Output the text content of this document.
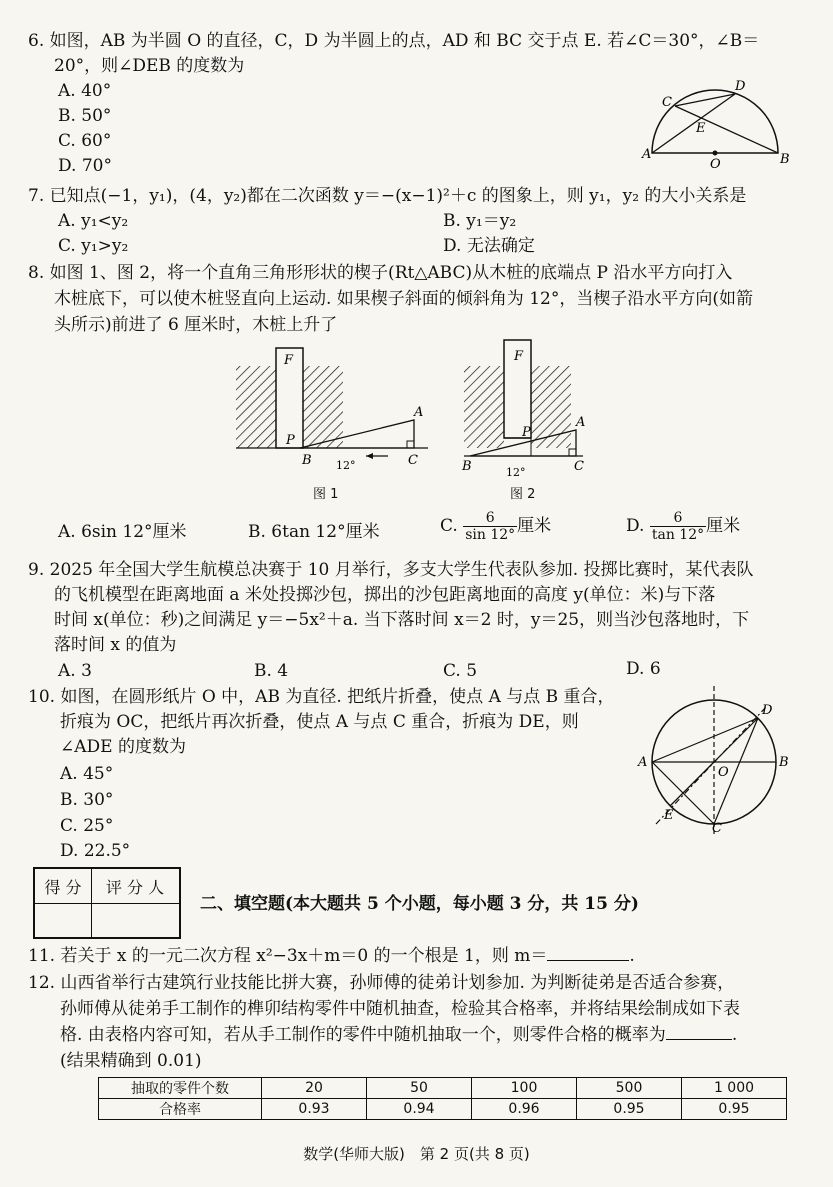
6. 如图，AB 为半圆 O 的直径，C，D 为半圆上的点，AD 和 BC 交于点 E. 若∠C＝30°，∠B＝
20°，则∠DEB 的度数为
A. 40°
B. 50°
C. 60°
D. 70°
A	B
C
D
E
O
7. 已知点(−1，y₁)，(4，y₂)都在二次函数 y＝−(x−1)²＋c 的图象上，则 y₁，y₂ 的大小关系是
A. y₁<y₂	B. y₁＝y₂
C. y₁>y₂	D. 无法确定
8. 如图 1、图 2，将一个直角三角形形状的楔子(Rt△ABC)从木桩的底端点 P 沿水平方向打入
木桩底下，可以使木桩竖直向上运动. 如果楔子斜面的倾斜角为 12°，当楔子沿水平方向(如箭
头所示)前进了 6 厘米时，木桩上升了
F
P
B
A
C
12°
图 1
F
P
B
A
C
12°
图 2
A. 6sin 12°厘米	B. 6tan 12°厘米	C. $\frac{6}{\sin 12^\circ}$ 厘米	D. $\frac{6}{\tan 12^\circ}$ 厘米
9. 2025 年全国大学生航模总决赛于 10 月举行，多支大学生代表队参加. 投掷比赛时，某代表队
的飞机模型在距离地面 a 米处投掷沙包，掷出的沙包距离地面的高度 y(单位：米)与下落
时间 x(单位：秒)之间满足 y＝−5x²＋a. 当下落时间 x＝2 时，y＝25，则当沙包落地时，下
落时间 x 的值为
A. 3	B. 4	C. 5	D. 6
10. 如图，在圆形纸片 O 中，AB 为直径. 把纸片折叠，使点 A 与点 B 重合，
折痕为 OC，把纸片再次折叠，使点 A 与点 C 重合，折痕为 DE，则
∠ADE 的度数为
A. 45°
B. 30°
C. 25°
D. 22.5°
A	B
D
O
E
C
得 分	评 分 人
二、填空题(本大题共 5 个小题，每小题 3 分，共 15 分)
11. 若关于 x 的一元二次方程 x²−3x＋m＝0 的一个根是 1，则 m＝	.
12. 山西省举行古建筑行业技能比拼大赛，孙师傅的徒弟计划参加. 为判断徒弟是否适合参赛，
孙师傅从徒弟手工制作的榫卯结构零件中随机抽查，检验其合格率，并将结果绘制成如下表
格. 由表格内容可知，若从手工制作的零件中随机抽取一个，则零件合格的概率为	.
(结果精确到 0.01)
抽取的零件个数	20	50	100	500	1 000
合格率	0.93	0.94	0.96	0.95	0.95
数学(华师大版)　第 2 页(共 8 页)
